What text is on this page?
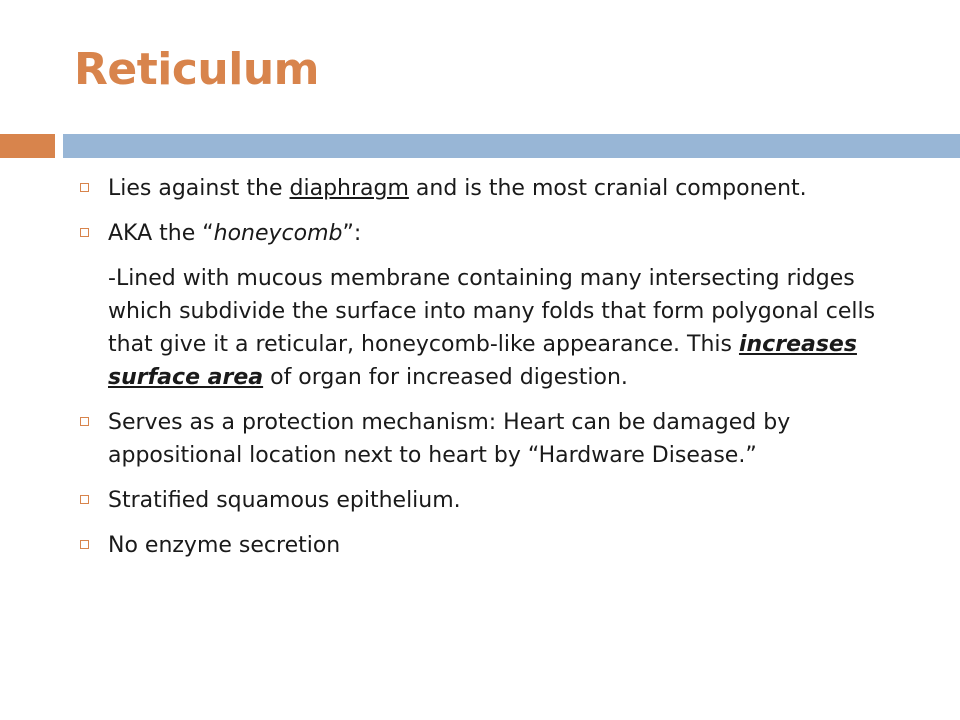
Reticulum
Lies against the diaphragm and is the most cranial component.
AKA the “honeycomb”:
-Lined with mucous membrane containing many intersecting ridges which subdivide the surface into many folds that form polygonal cells that give it a reticular, honeycomb-like appearance. This increases surface area of organ for increased digestion.
Serves as a protection mechanism: Heart can be damaged by appositional location next to heart by “Hardware Disease.”
Stratified squamous epithelium.
No enzyme secretion
